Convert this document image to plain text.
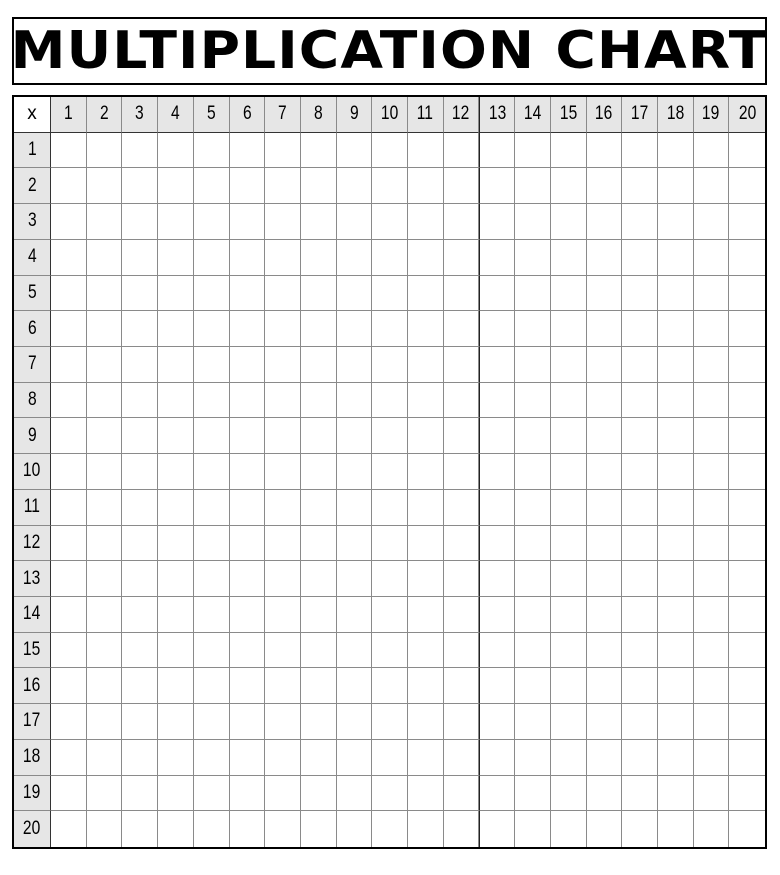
MULTIPLICATION CHART
x 1 2 3 4 5 6 7 8 9 10 11 12 13 14 15 16 17 18 19 20
1
2
3
4
5
6
7
8
9
10
11
12
13
14
15
16
17
18
19
20
